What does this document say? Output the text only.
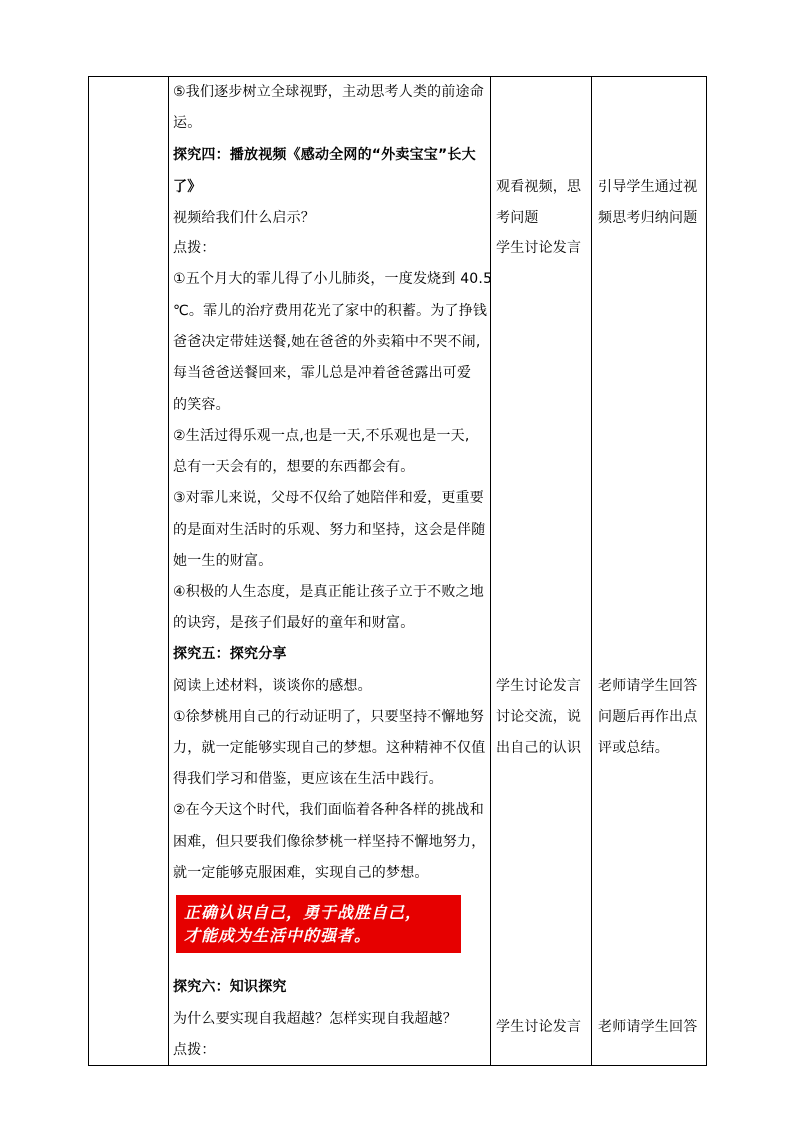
⑤我们逐步树立全球视野，主动思考人类的前途命
运。
探究四：播放视频《感动全网的“外卖宝宝”长大
了》
视频给我们什么启示？
点拨：
①五个月大的霏儿得了小儿肺炎，一度发烧到 40.5
℃。霏儿的治疗费用花光了家中的积蓄。为了挣钱
爸爸决定带娃送餐,她在爸爸的外卖箱中不哭不闹,
每当爸爸送餐回来，霏儿总是冲着爸爸露出可爱
的笑容。
②生活过得乐观一点,也是一天,不乐观也是一天,
总有一天会有的，想要的东西都会有。
③对霏儿来说，父母不仅给了她陪伴和爱，更重要
的是面对生活时的乐观、努力和坚持，这会是伴随
她一生的财富。
④积极的人生态度，是真正能让孩子立于不败之地
的诀窍，是孩子们最好的童年和财富。
探究五：探究分享
阅读上述材料，谈谈你的感想。
①徐梦桃用自己的行动证明了，只要坚持不懈地努
力，就一定能够实现自己的梦想。这种精神不仅值
得我们学习和借鉴，更应该在生活中践行。
②在今天这个时代，我们面临着各种各样的挑战和
困难，但只要我们像徐梦桃一样坚持不懈地努力，
就一定能够克服困难，实现自己的梦想。
正确认识自己，勇于战胜自己，
才能成为生活中的强者。
探究六：知识探究
为什么要实现自我超越？怎样实现自我超越？
点拨：
观看视频，思
考问题
学生讨论发言
学生讨论发言
讨论交流，说
出自己的认识
学生讨论发言
引导学生通过视
频思考归纳问题
老师请学生回答
问题后再作出点
评或总结。
老师请学生回答
